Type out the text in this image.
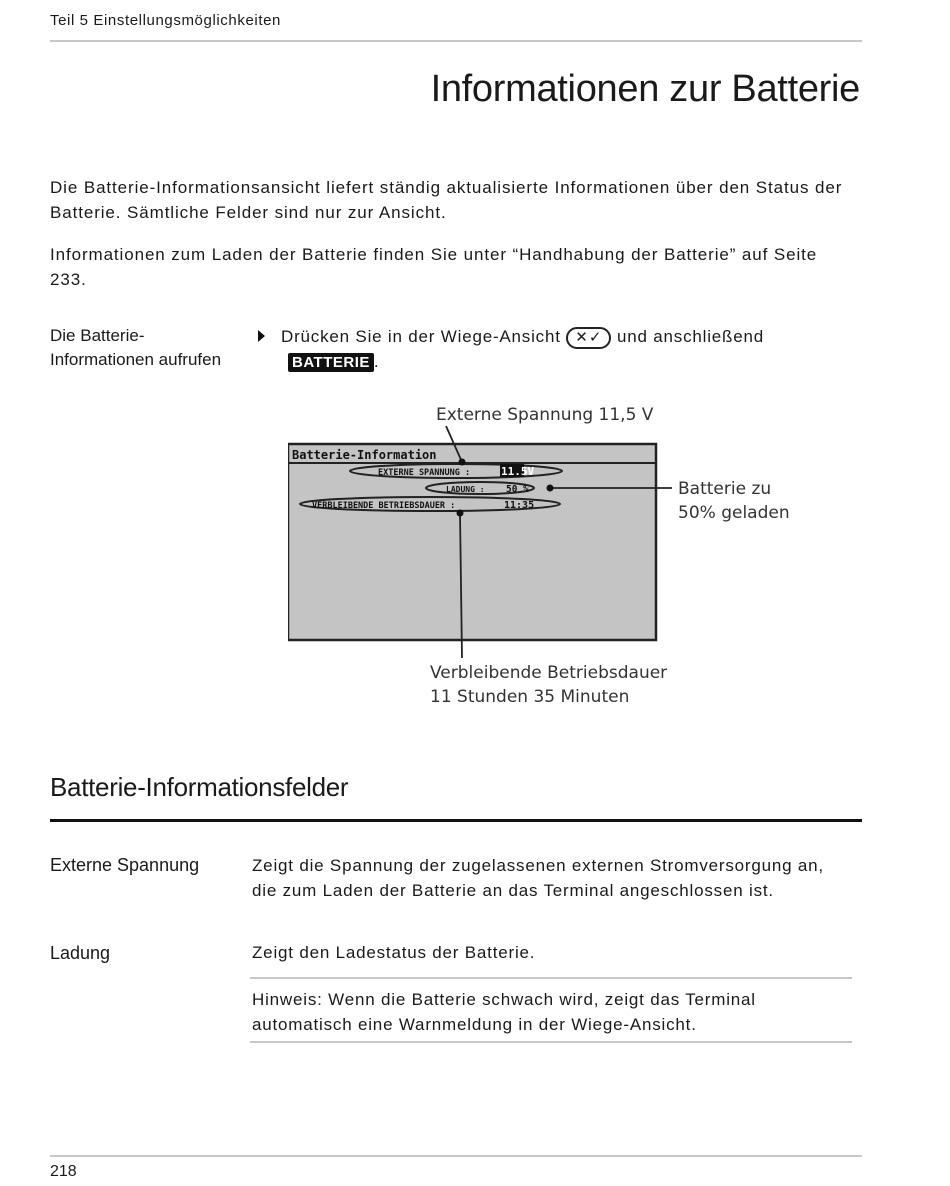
Teil 5 Einstellungsmöglichkeiten
Informationen zur Batterie
Die Batterie-Informationsansicht liefert ständig aktualisierte Informationen über den Status der Batterie. Sämtliche Felder sind nur zur Ansicht.
Informationen zum Laden der Batterie finden Sie unter “Handhabung der Batterie” auf Seite 233.
Die Batterie-Informationen aufrufen
Drücken Sie in der Wiege-Ansicht ✕✓ und anschließend
BATTERIE .
Batterie-Information
EXTERNE SPANNUNG :	11.5V
LADUNG : 50 %
VERBLEIBENDE BETRIEBSDAUER :	11:35
Externe Spannung 11,5 V
Batterie zu
50% geladen
Verbleibende Betriebsdauer
11 Stunden 35 Minuten
Batterie-Informationsfelder
Externe Spannung	Zeigt die Spannung der zugelassenen externen Stromversorgung an, die zum Laden der Batterie an das Terminal angeschlossen ist.
Ladung	Zeigt den Ladestatus der Batterie.
Hinweis: Wenn die Batterie schwach wird, zeigt das Terminal automatisch eine Warnmeldung in der Wiege-Ansicht.
218
